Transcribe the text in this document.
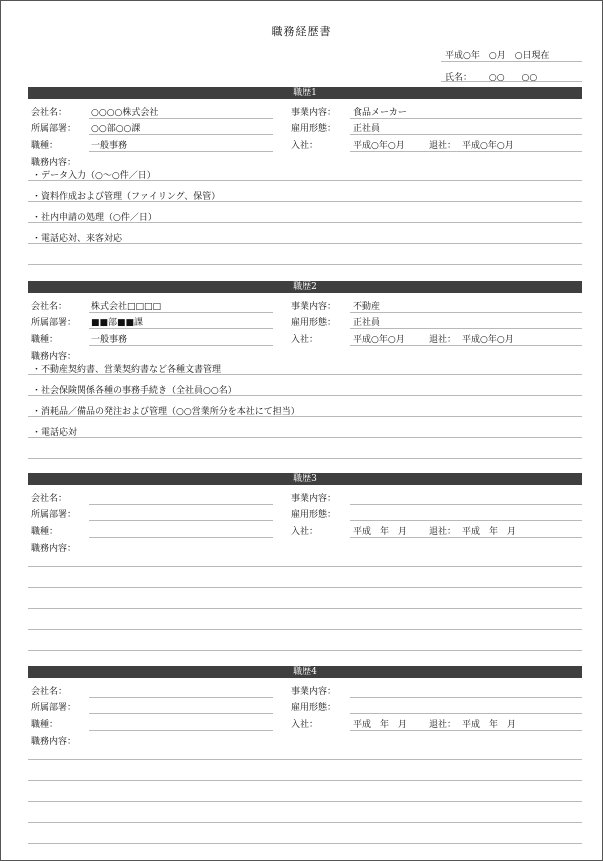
職務経歴書
平成○年　○月　○日現在
氏名： ○○ ○○
職歴1
会社名：	○○○○株式会社	事業内容： 食品メーカー
所属部署： ○○部○○課	雇用形態： 正社員
職種：	一般事務	入社：	平成○年○月	退社： 平成○年○月
職務内容：
・データ入力（○〜○件／日）
・資料作成および管理（ファイリング、保管）
・社内申請の処理（○件／日）
・電話応対、来客対応
職歴2
会社名：	株式会社□□□□	事業内容： 不動産
所属部署： ■■部■■課	雇用形態： 正社員
職種：	一般事務	入社：	平成○年○月	退社： 平成○年○月
職務内容：
・不動産契約書、営業契約書など各種文書管理
・社会保険関係各種の事務手続き（全社員○○名）
・消耗品／備品の発注および管理（○○営業所分を本社にて担当）
・電話応対
職歴3
会社名：	事業内容：
所属部署：	雇用形態：
職種：	入社：	平成　年　月 退社： 平成　年　月
職務内容：
職歴4
会社名：	事業内容：
所属部署：	雇用形態：
職種：	入社：	平成　年　月 退社： 平成　年　月
職務内容：
